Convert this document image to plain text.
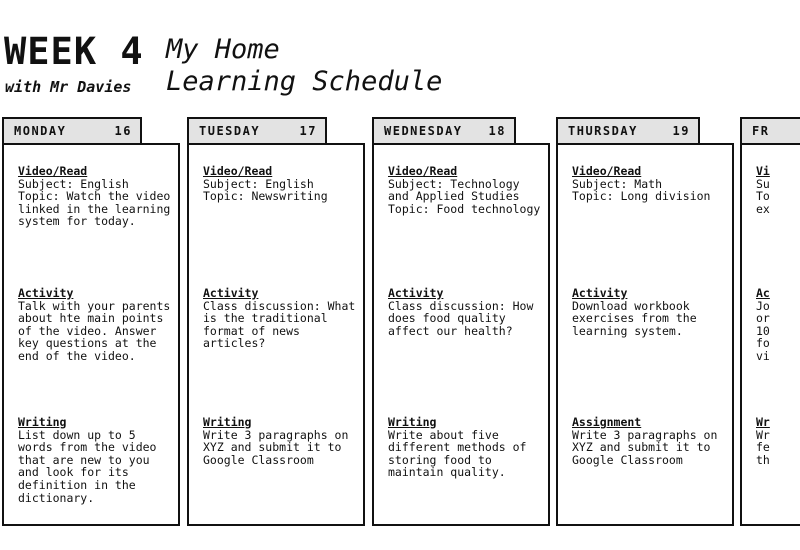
WEEK 4
with Mr Davies
My Home
Learning Schedule
MONDAY	16
Video/Read
Subject: English
Topic: Watch the video linked in the learning system for today.
Activity
Talk with your parents about hte main points of the video. Answer key questions at the end of the video.
Writing
List down up to 5 words from the video that are new to you and look for its definition in the dictionary.
TUESDAY	17
Video/Read
Subject: English
Topic: Newswriting
Activity
Class discussion: What is the traditional format of news articles?
Writing
Write 3 paragraphs on XYZ and submit it to Google Classroom
WEDNESDAY 18
Video/Read
Subject: Technology and Applied Studies
Topic: Food technology
Activity
Class discussion: How does food quality affect our health?
Writing
Write about five different methods of storing food to maintain quality.
THURSDAY	19
Video/Read
Subject: Math
Topic: Long division
Activity
Download workbook exercises from the learning system.
Assignment
Write 3 paragraphs on XYZ and submit it to Google Classroom
FR
Vi
Su
To
ex
Ac
Jo
or
10
fo
vi
Wr
Wr
fe
th
